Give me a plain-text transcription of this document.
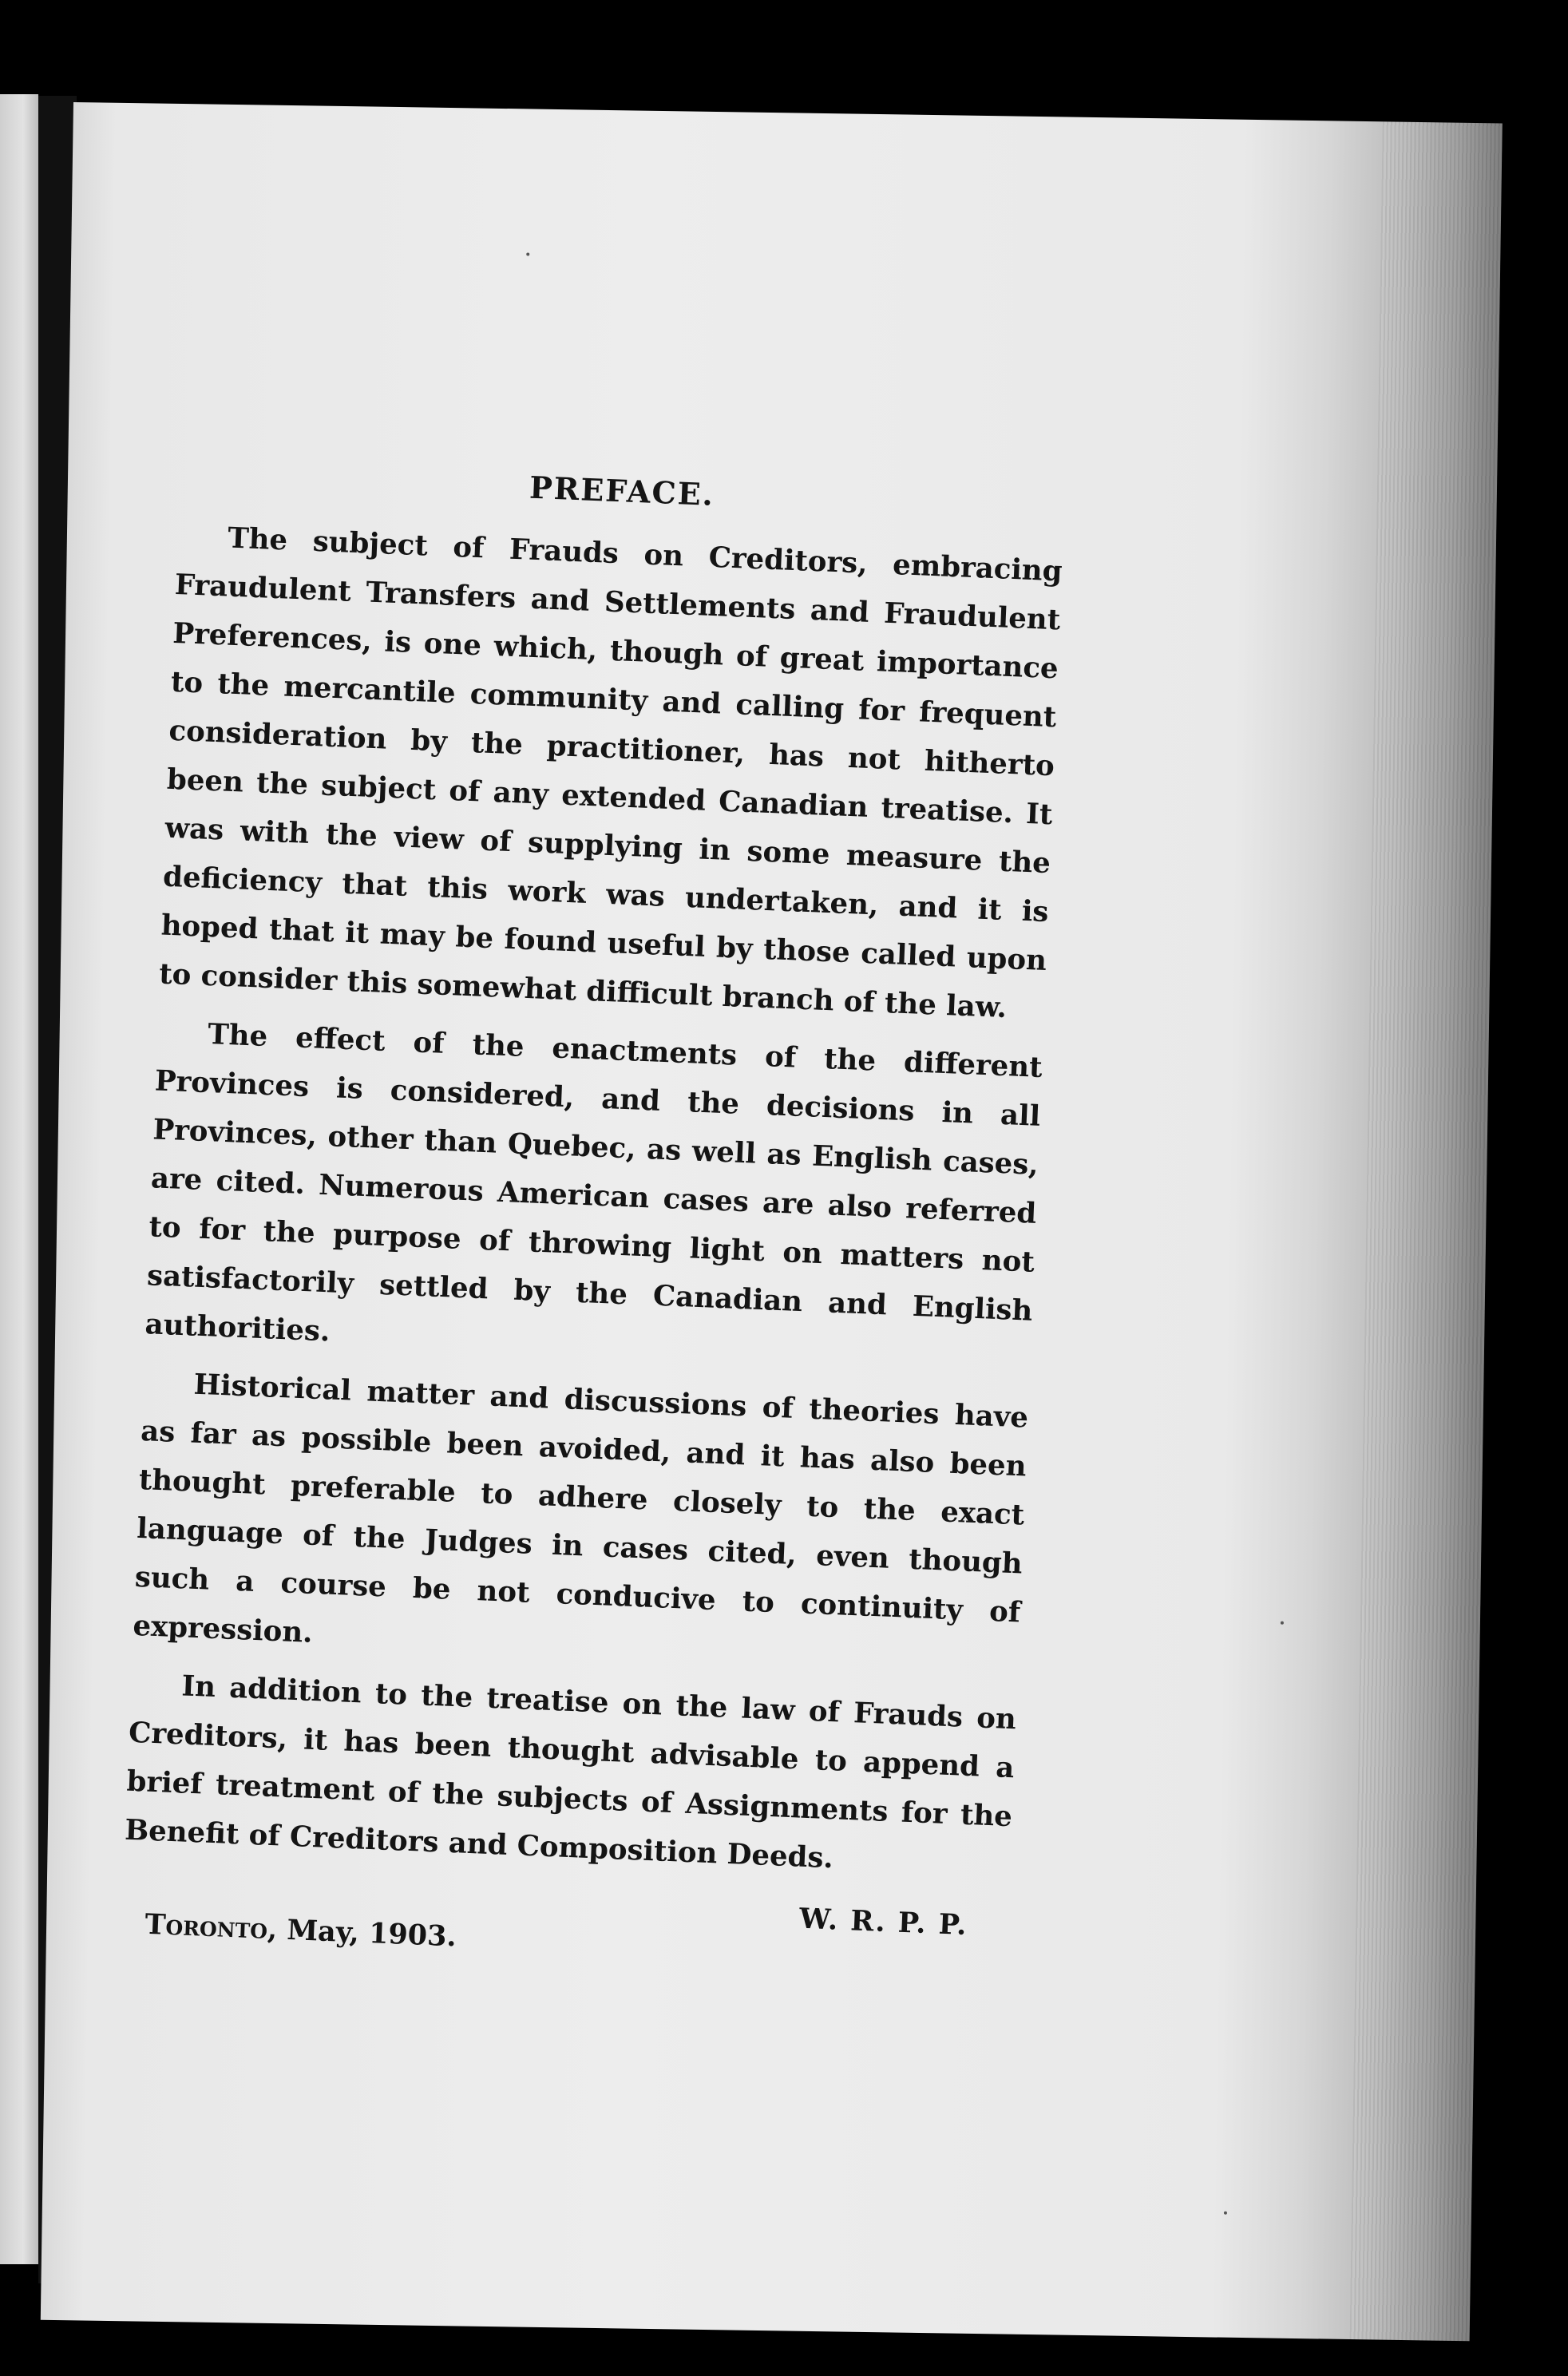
PREFACE.

The subject of Frauds on Creditors, embracing Fraudulent Transfers and Settlements and Fraudulent Preferences, is one which, though of great importance to the mercantile community and calling for frequent consideration by the practitioner, has not hitherto been the subject of any extended Canadian treatise. It was with the view of supplying in some measure the deficiency that this work was undertaken, and it is hoped that it may be found useful by those called upon to consider this somewhat difficult branch of the law.

The effect of the enactments of the different Provinces is considered, and the decisions in all Provinces, other than Quebec, as well as English cases, are cited. Numerous American cases are also referred to for the purpose of throwing light on matters not satisfactorily settled by the Canadian and English authorities.

Historical matter and discussions of theories have as far as possible been avoided, and it has also been thought preferable to adhere closely to the exact language of the Judges in cases cited, even though such a course be not conducive to continuity of expression.

In addition to the treatise on the law of Frauds on Creditors, it has been thought advisable to append a brief treatment of the subjects of Assignments for the Benefit of Creditors and Composition Deeds.

Toronto, May, 1903.	W. R. P. P.
